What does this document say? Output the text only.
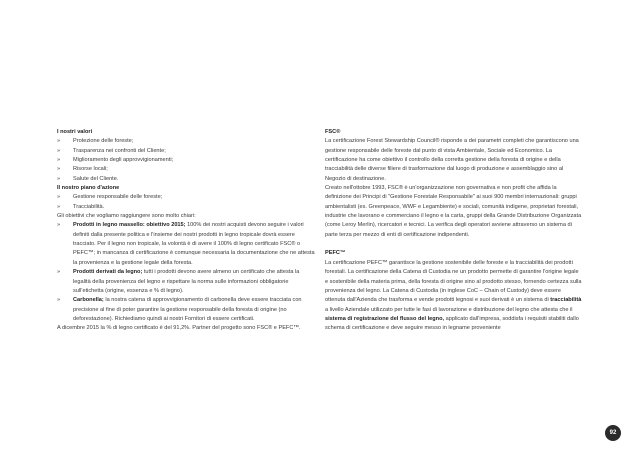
I nostri valori

» Protezione delle foreste;

» Trasparenza nei confronti del Cliente;

» Miglioramento degli approvvigionamenti;

» Risorse locali;

» Salute del Cliente.

Il nostro piano d'azione

» Gestione responsabile delle foreste;

» Tracciabilità.

Gli obiettivi che vogliamo raggiungere sono molto chiari:

» Prodotti in legno massello: obiettivo 2015; 100% dei nostri acquisti devono seguire i valori definiti dalla presente politica e l'insieme dei nostri prodotti in legno tropicale dovrà essere tracciato. Per il legno non tropicale, la volontà è di avere il 100% di legno certificato FSC® o PEFC™; in mancanza di certificazione è comunque necessaria la documentazione che ne attesta la provenienza e la gestione legale della foresta.

» Prodotti derivati da legno; tutti i prodotti devono avere almeno un certificato che attesta la legalità della provenienza del legno e rispettare la norma sulle informazioni obbligatorie sull'etichetta (origine, essenza e % di legno).

» Carbonella; la nostra catena di approvvigionamento di carbonella deve essere tracciata con precisione al fine di poter garantire la gestione responsabile della foresta di origine (no deforestazione). Richiediamo quindi ai nostri Fornitori di essere certificati.

A dicembre 2015 la % di legno certificato è del 91,2%. Partner del progetto sono FSC® e PEFC™.

FSC®

La certificazione Forest Stewardship Council® risponde a dei parametri completi che garantiscono una gestione responsabile delle foreste dal punto di vista Ambientale, Sociale ed Economico. La certificazione ha come obiettivo il controllo della corretta gestione della foresta di origine e della tracciabilità delle diverse filiere di trasformazione dal luogo di produzione e assemblaggio sino al Negozio di destinazione.

Creato nell'ottobre 1993, FSC® è un'organizzazione non governativa e non profit che affida la definizione dei Principi di "Gestione Forestale Responsabile" ai suoi 900 membri internazionali: gruppi ambientalisti (es. Greenpeace, WWF e Legambiente) e sociali, comunità indigene, proprietari forestali, industrie che lavorano e commerciano il legno e la carta, gruppi della Grande Distribuzione Organizzata (come Leroy Merlin), ricercatori e tecnici. La verifica degli operatori avviene attraverso un sistema di parte terza per mezzo di enti di certificazione indipendenti.

PEFC™

La certificazione PEFC™ garantisce la gestione sostenibile delle foreste e la tracciabilità dei prodotti forestali. La certificazione della Catena di Custodia ne un prodotto permette di garantire l'origine legale e sostenibile della materia prima, della foresta di origine sino al prodotto stesso, fornendo certezza sulla provenienza del legno. La Catena di Custodia (in inglese CoC – Chain of Custody) deve essere ottenuta dall'Azienda che trasforma e vende prodotti legnosi e suoi derivati è un sistema di tracciabilità a livello Aziendale utilizzato per tutte le fasi di lavorazione e distribuzione del legno che attesta che il sistema di registrazione del flusso del legno, applicato dall'impresa, soddisfa i requisiti stabiliti dallo schema di certificazione e deve seguire messo in legname proveniente

92
